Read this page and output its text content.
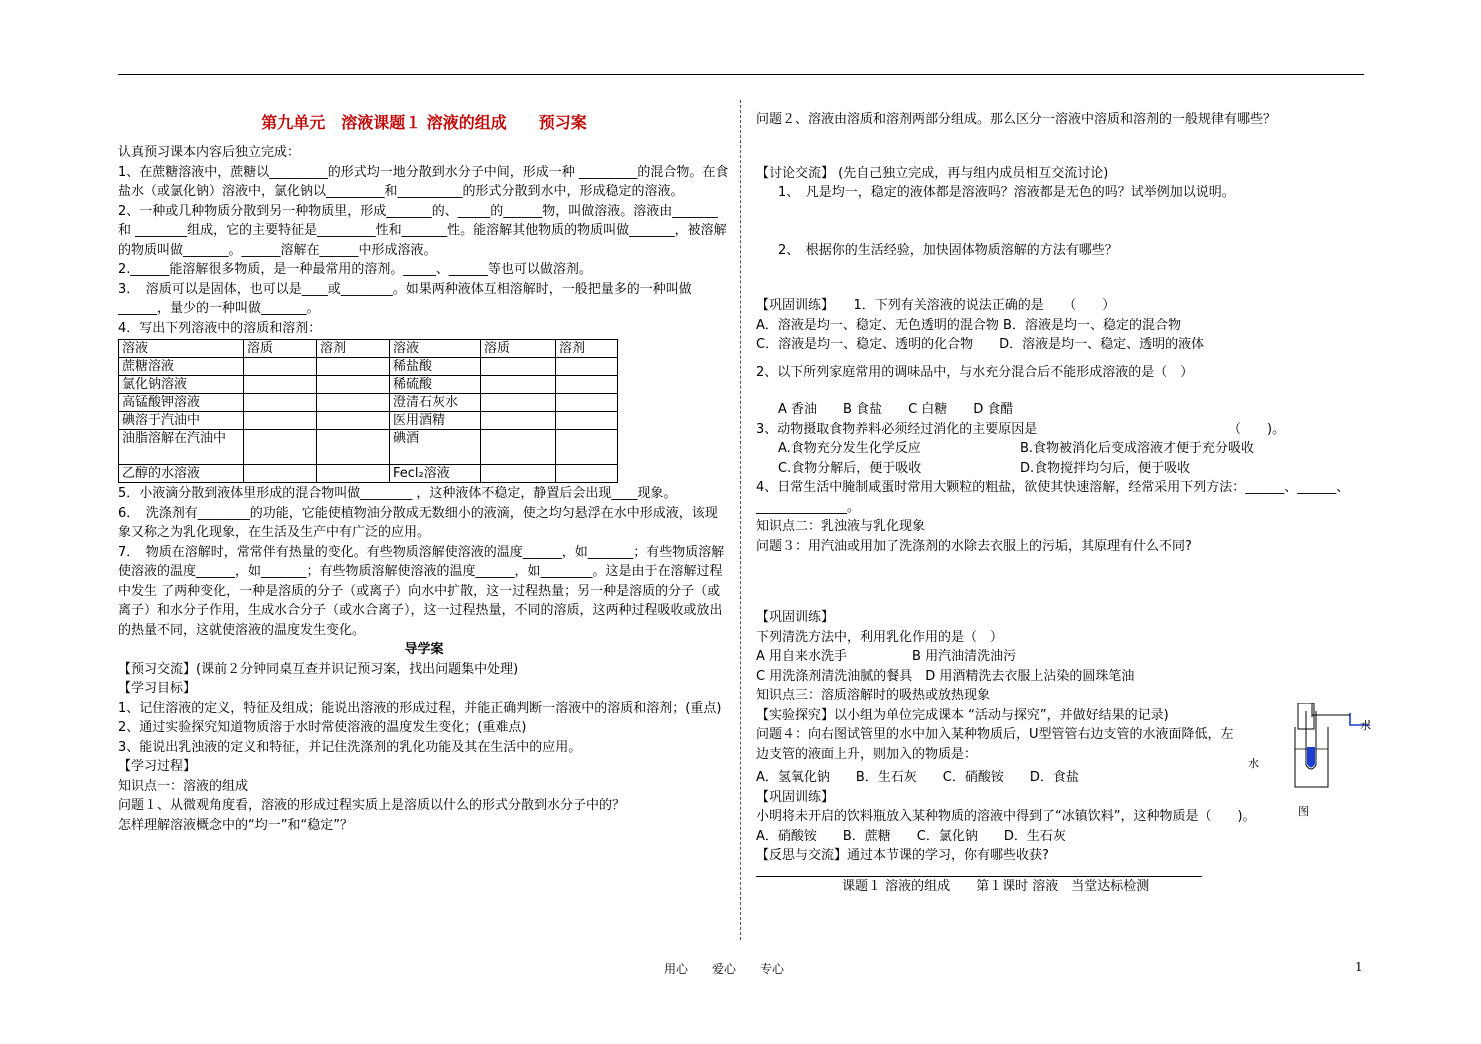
第九单元　溶液课题１ 溶液的组成　　预习案

认真预习课本内容后独立完成：

1、在蔗糖溶液中，蔗糖以_________的形式均一地分散到水分子中间，形成一种 _________的混合物。在食盐水（或氯化钠）溶液中，氯化钠以_________和__________的形式分散到水中，形成稳定的溶液。

2、一种或几种物质分散到另一种物质里，形成_______的、_____的______物，叫做溶液。溶液由_______和 ________组成，它的主要特征是_________性和_______性。能溶解其他物质的物质叫做_______，被溶解的物质叫做_______。______溶解在______中形成溶液。

2.______能溶解很多物质，是一种最常用的溶剂。_____、______等也可以做溶剂。

3．　溶质可以是固体，也可以是____或________。如果两种液体互相溶解时，一般把量多的一种叫做______，量少的一种叫做_______。

4．写出下列溶液中的溶质和溶剂：

溶液	溶质	溶剂	溶液	溶质	溶剂
蔗糖溶液			稀盐酸		
氯化钠溶液			稀硫酸		
高锰酸钾溶液			澄清石灰水		
碘溶于汽油中			医用酒精		
油脂溶解在汽油中			碘酒		
乙醇的水溶液			Fecl₂溶液		

5．小液滴分散到液体里形成的混合物叫做________ ，这种液体不稳定，静置后会出现____现象。

6．　洗涤剂有________的功能，它能使植物油分散成无数细小的液滴，使之均匀悬浮在水中形成液，该现象又称之为乳化现象，在生活及生产中有广泛的应用。

7．　物质在溶解时，常常伴有热量的变化。有些物质溶解使溶液的温度______，如_______；有些物质溶解使溶液的温度______，如_______；有些物质溶解使溶液的温度______，如________。这是由于在溶解过程中发生 了两种变化，一种是溶质的分子（或离子）向水中扩散，这一过程热量；另一种是溶质的分子（或离子）和水分子作用，生成水合分子（或水合离子），这一过程热量，不同的溶质，这两种过程吸收或放出的热量不同，这就使溶液的温度发生变化。

导学案

【预习交流】(课前２分钟同桌互查并识记预习案，找出问题集中处理)

【学习目标】

1、记住溶液的定义，特征及组成；能说出溶液的形成过程，并能正确判断一溶液中的溶质和溶剂；(重点)

2、通过实验探究知道物质溶于水时常使溶液的温度发生变化；(重难点)

3、能说出乳浊液的定义和特征，并记住洗涤剂的乳化功能及其在生活中的应用。

【学习过程】

知识点一：溶液的组成

问题１、从微观角度看，溶液的形成过程实质上是溶质以什么的形式分散到水分子中的？

怎样理解溶液概念中的“均一”和“稳定”？

问题２、溶液由溶质和溶剂两部分组成。那么区分一溶液中溶质和溶剂的一般规律有哪些？

【讨论交流】 (先自己独立完成，再与组内成员相互交流讨论)

1、　凡是均一，稳定的液体都是溶液吗？溶液都是无色的吗？试举例加以说明。

2、　根据你的生活经验，加快固体物质溶解的方法有哪些？

【巩固训练】　　1．下列有关溶液的说法正确的是　　（　　）

A．溶液是均一、稳定、无色透明的混合物 B．溶液是均一、稳定的混合物

C．溶液是均一、稳定、透明的化合物　　D．溶液是均一、稳定、透明的液体

2、以下所列家庭常用的调味品中，与水充分混合后不能形成溶液的是（　）

A 香油　　B 食盐　　C 白糖　　D 食醋

3、动物摄取食物养料必须经过消化的主要原因是	（　　)。

A.食物充分发生化学反应	B.食物被消化后变成溶液才便于充分吸收

C.食物分解后，便于吸收	D.食物搅拌均匀后，便于吸收

4、日常生活中腌制咸蛋时常用大颗粒的粗盐，欲使其快速溶解，经常采用下列方法：______、______、______________。

知识点二：乳浊液与乳化现象

问题３：用汽油或用加了洗涤剂的水除去衣服上的污垢，其原理有什么不同?

【巩固训练】

下列清洗方法中，利用乳化作用的是（　）

A 用自来水洗手　　　　　B 用汽油清洗油污

C 用洗涤剂清洗油腻的餐具　D 用酒精洗去衣服上沾染的圆珠笔油

知识点三：溶质溶解时的吸热或放热现象

【实验探究】以小组为单位完成课本 “活动与探究”，并做好结果的记录)

问题４：向右图试管里的水中加入某种物质后，U型管管右边支管的水液面降低，左边支管的液面上升，则加入的物质是：

A．氢氧化钠　　B．生石灰　　C．硝酸铵　　D．食盐

【巩固训练】

小明将未开启的饮料瓶放入某种物质的溶液中得到了“冰镇饮料”，这种物质是（　　)。

A．硝酸铵　　B．蔗糖　　C．氯化钠　　D．生石灰

【反思与交流】通过本节课的学习，你有哪些收获?

课题１ 溶液的组成　　第１课时 溶液　当堂达标检测

水
水
图
用心　　爱心　　专心	1
